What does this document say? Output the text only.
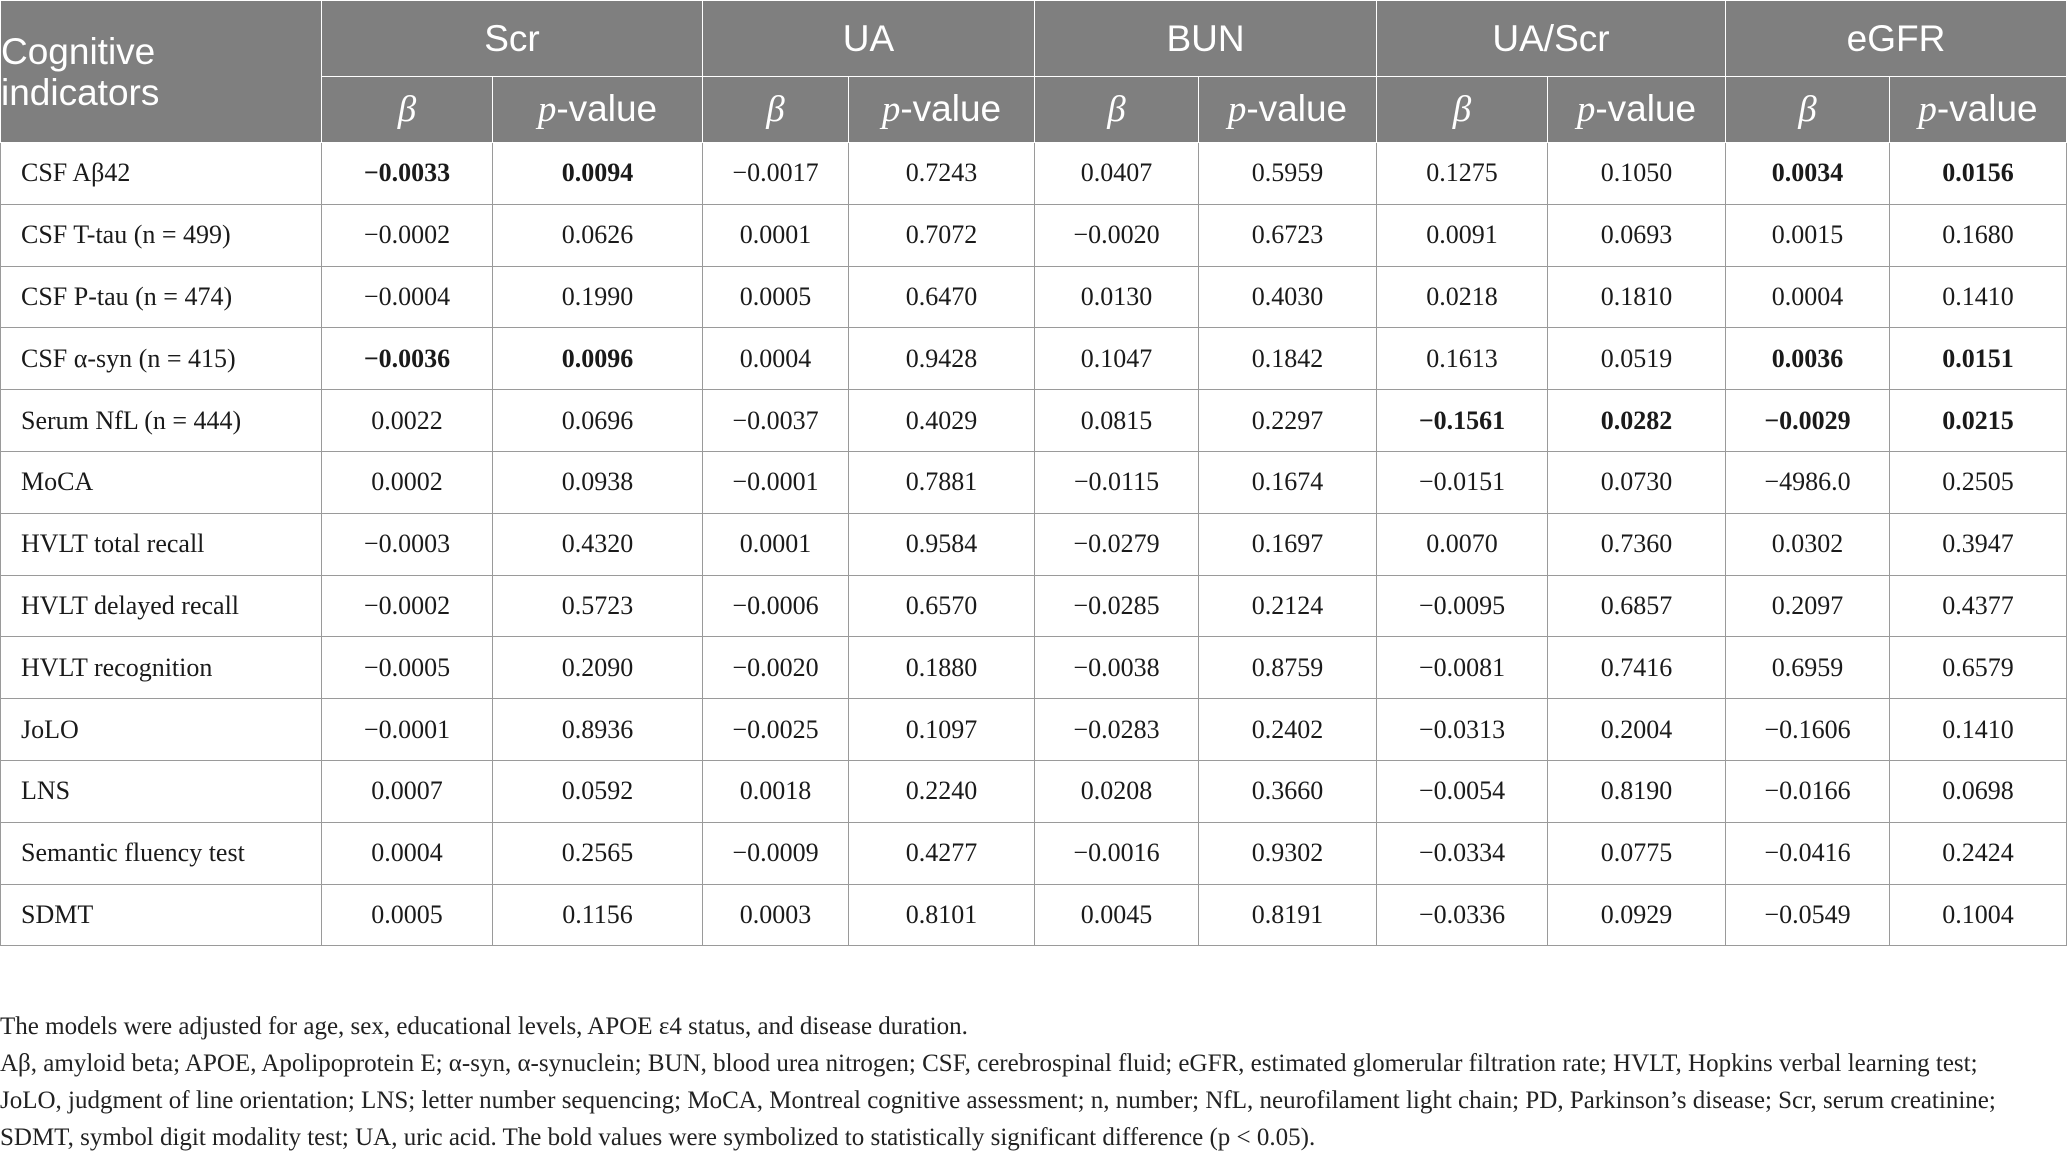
Cognitive indicators	Scr		UA		BUN		UA/Scr		eGFR	
	β	p-value	β	p-value	β	p-value	β	p-value	β	p-value
CSF Aβ42	−0.0033	0.0094	−0.0017	0.7243	0.0407	0.5959	0.1275	0.1050	0.0034	0.0156
CSF T-tau (n = 499)	−0.0002	0.0626	0.0001	0.7072	−0.0020	0.6723	0.0091	0.0693	0.0015	0.1680
CSF P-tau (n = 474)	−0.0004	0.1990	0.0005	0.6470	0.0130	0.4030	0.0218	0.1810	0.0004	0.1410
CSF α-syn (n = 415)	−0.0036	0.0096	0.0004	0.9428	0.1047	0.1842	0.1613	0.0519	0.0036	0.0151
Serum NfL (n = 444)	0.0022	0.0696	−0.0037	0.4029	0.0815	0.2297	−0.1561	0.0282	−0.0029	0.0215
MoCA	0.0002	0.0938	−0.0001	0.7881	−0.0115	0.1674	−0.0151	0.0730	−4986.0	0.2505
HVLT total recall	−0.0003	0.4320	0.0001	0.9584	−0.0279	0.1697	0.0070	0.7360	0.0302	0.3947
HVLT delayed recall	−0.0002	0.5723	−0.0006	0.6570	−0.0285	0.2124	−0.0095	0.6857	0.2097	0.4377
HVLT recognition	−0.0005	0.2090	−0.0020	0.1880	−0.0038	0.8759	−0.0081	0.7416	0.6959	0.6579
JoLO	−0.0001	0.8936	−0.0025	0.1097	−0.0283	0.2402	−0.0313	0.2004	−0.1606	0.1410
LNS	0.0007	0.0592	0.0018	0.2240	0.0208	0.3660	−0.0054	0.8190	−0.0166	0.0698
Semantic fluency test	0.0004	0.2565	−0.0009	0.4277	−0.0016	0.9302	−0.0334	0.0775	−0.0416	0.2424
SDMT	0.0005	0.1156	0.0003	0.8101	0.0045	0.8191	−0.0336	0.0929	−0.0549	0.1004

The models were adjusted for age, sex, educational levels, APOE ε4 status, and disease duration.

Aβ, amyloid beta; APOE, Apolipoprotein E; α-syn, α-synuclein; BUN, blood urea nitrogen; CSF, cerebrospinal fluid; eGFR, estimated glomerular filtration rate; HVLT, Hopkins verbal learning test; JoLO, judgment of line orientation; LNS; letter number sequencing; MoCA, Montreal cognitive assessment; n, number; NfL, neurofilament light chain; PD, Parkinson’s disease; Scr, serum creatinine; SDMT, symbol digit modality test; UA, uric acid. The bold values were symbolized to statistically significant difference (p < 0.05).
